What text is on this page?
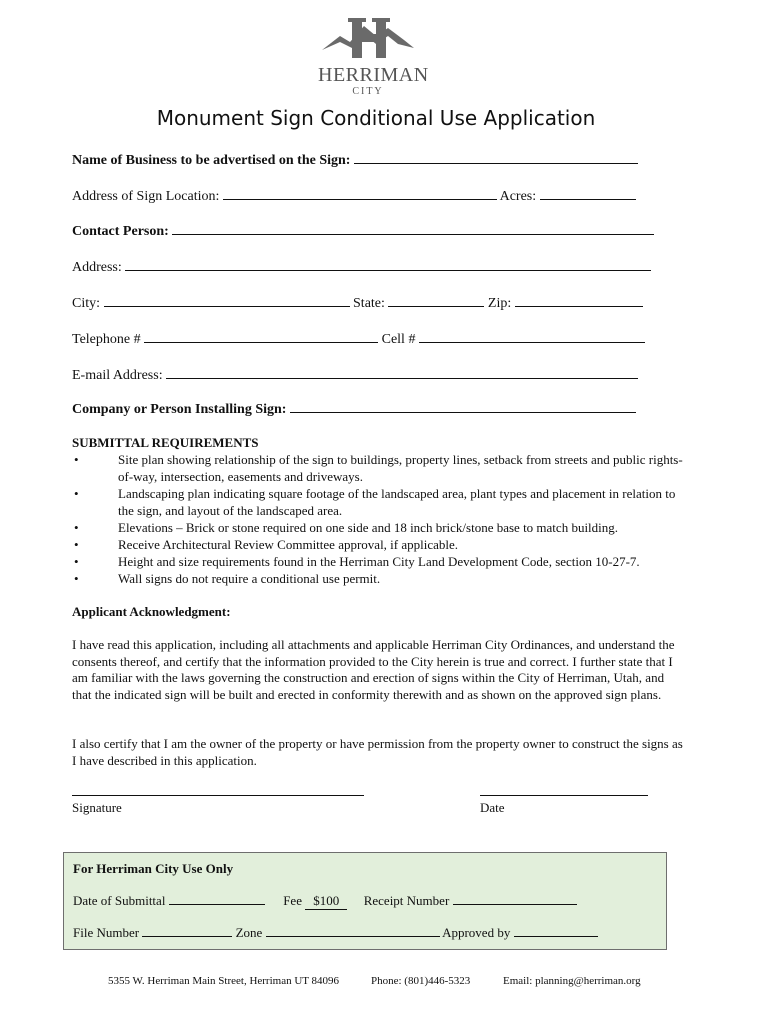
HERRIMAN
CITY
Monument Sign Conditional Use Application
Name of Business to be advertised on the Sign:
Address of Sign Location:	Acres:
Contact Person:
Address:
City:	State:	Zip:
Telephone #	Cell #
E-mail Address:
Company or Person Installing Sign:
SUBMITTAL REQUIREMENTS
• Site plan showing relationship of the sign to buildings, property lines, setback from streets and public rights-of-way, intersection, easements and driveways.
• Landscaping plan indicating square footage of the landscaped area, plant types and placement in relation to the sign, and layout of the landscaped area.
• Elevations – Brick or stone required on one side and 18 inch brick/stone base to match building.
• Receive Architectural Review Committee approval, if applicable.
• Height and size requirements found in the Herriman City Land Development Code, section 10-27-7.
• Wall signs do not require a conditional use permit.
Applicant Acknowledgment:
I have read this application, including all attachments and applicable Herriman City Ordinances, and understand the consents thereof, and certify that the information provided to the City herein is true and correct. I further state that I am familiar with the laws governing the construction and erection of signs within the City of Herriman, Utah, and that the indicated sign will be built and erected in conformity therewith and as shown on the approved sign plans.
I also certify that I am the owner of the property or have permission from the property owner to construct the signs as I have described in this application.
Signature	Date
For Herriman City Use Only
Date of Submittal	Fee $100 Receipt Number
File Number	Zone	Approved by
5355 W. Herriman Main Street, Herriman UT 84096	Phone: (801)446-5323	Email: planning@herriman.org
